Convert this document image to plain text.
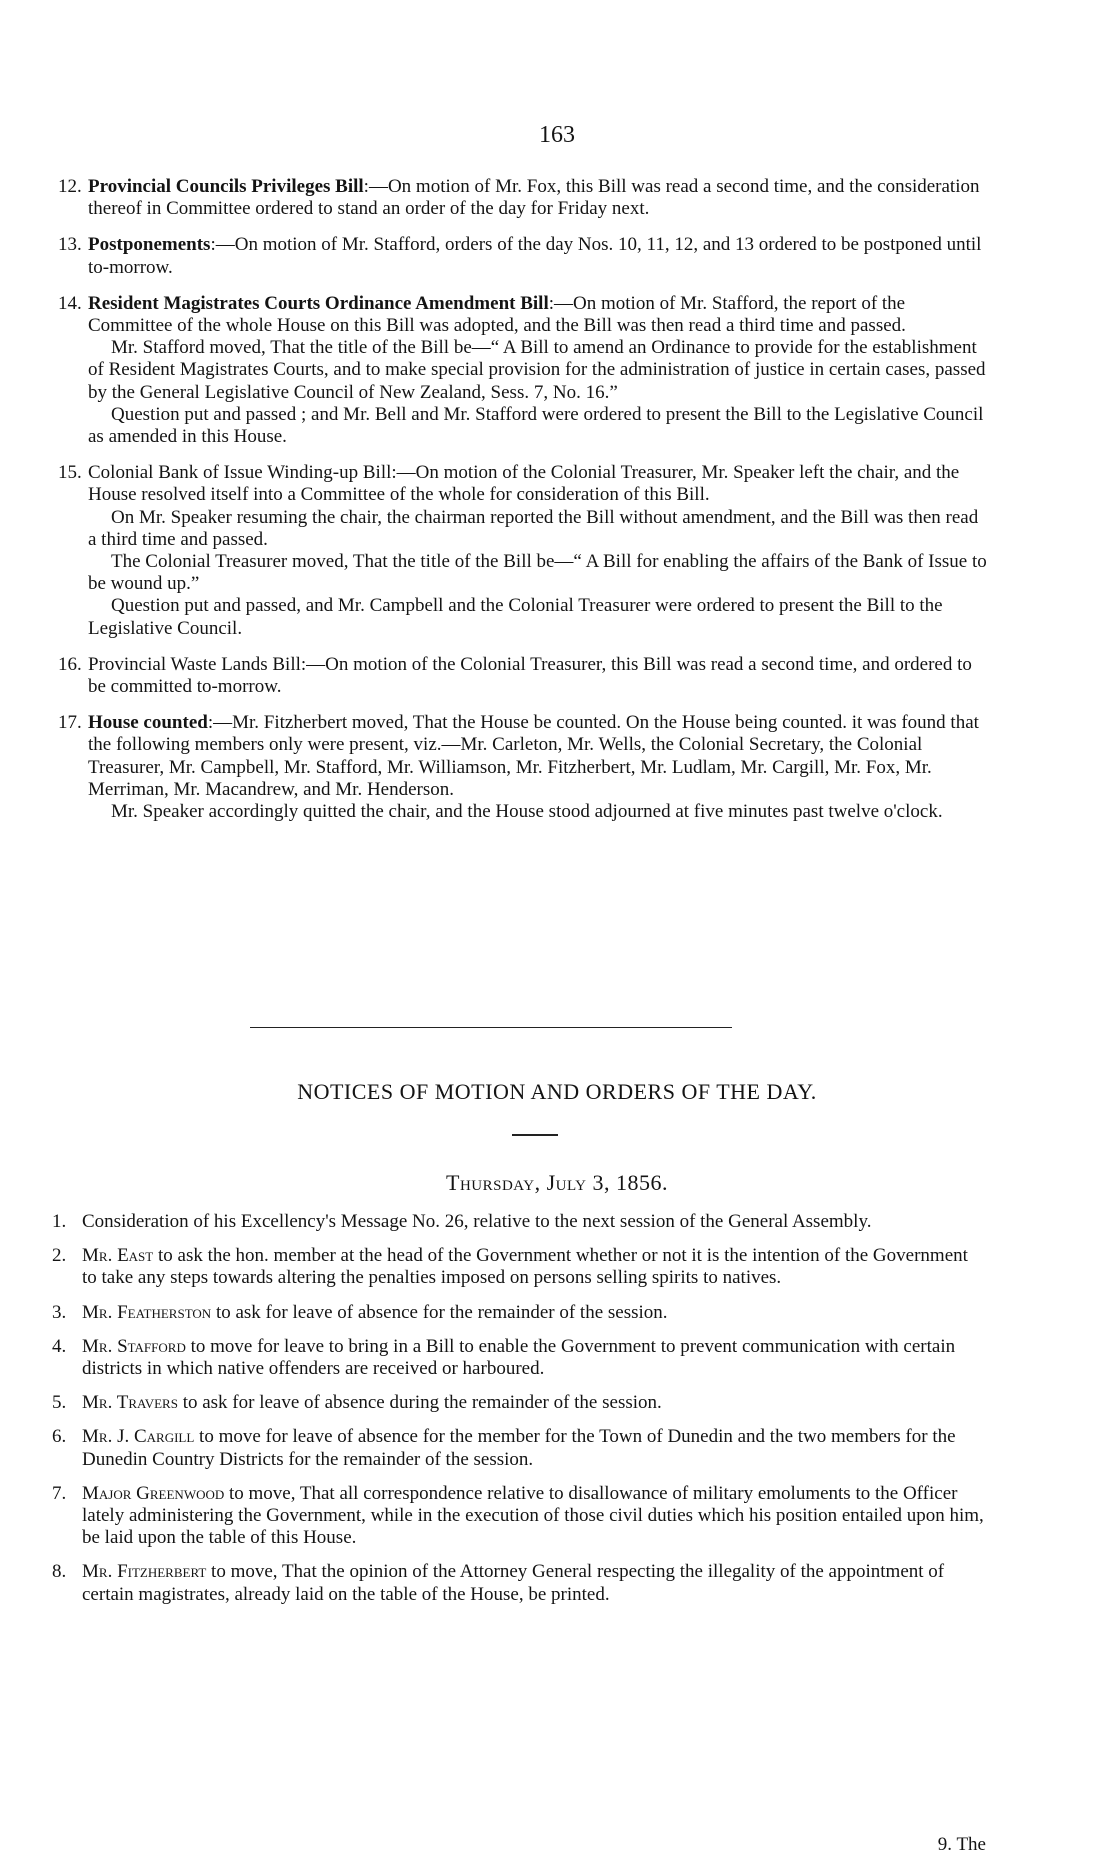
163
12. Provincial Councils Privileges Bill:—On motion of Mr. Fox, this Bill was read a second time, and the consideration thereof in Committee ordered to stand an order of the day for Friday next.

13. Postponements:—On motion of Mr. Stafford, orders of the day Nos. 10, 11, 12, and 13 ordered to be postponed until to-morrow.

14. Resident Magistrates Courts Ordinance Amendment Bill:—On motion of Mr. Stafford, the report of the Committee of the whole House on this Bill was adopted, and the Bill was then read a third time and passed.

Mr. Stafford moved, That the title of the Bill be—“ A Bill to amend an Ordinance to provide for the establishment of Resident Magistrates Courts, and to make special provision for the administration of justice in certain cases, passed by the General Legislative Council of New Zealand, Sess. 7, No. 16.”

Question put and passed ; and Mr. Bell and Mr. Stafford were ordered to present the Bill to the Legislative Council as amended in this House.

15. Colonial Bank of Issue Winding-up Bill:—On motion of the Colonial Treasurer, Mr. Speaker left the chair, and the House resolved itself into a Committee of the whole for consideration of this Bill.

On Mr. Speaker resuming the chair, the chairman reported the Bill without amendment, and the Bill was then read a third time and passed.

The Colonial Treasurer moved, That the title of the Bill be—“ A Bill for enabling the affairs of the Bank of Issue to be wound up.”

Question put and passed, and Mr. Campbell and the Colonial Treasurer were ordered to present the Bill to the Legislative Council.

16. Provincial Waste Lands Bill:—On motion of the Colonial Treasurer, this Bill was read a second time, and ordered to be committed to-morrow.

17. House counted:—Mr. Fitzherbert moved, That the House be counted. On the House being counted. it was found that the following members only were present, viz.—Mr. Carleton, Mr. Wells, the Colonial Secretary, the Colonial Treasurer, Mr. Campbell, Mr. Stafford, Mr. Williamson, Mr. Fitzherbert, Mr. Ludlam, Mr. Cargill, Mr. Fox, Mr. Merriman, Mr. Macandrew, and Mr. Henderson.

Mr. Speaker accordingly quitted the chair, and the House stood adjourned at five minutes past twelve o'clock.

NOTICES OF MOTION AND ORDERS OF THE DAY.
Thursday, July 3, 1856.
1. Consideration of his Excellency's Message No. 26, relative to the next session of the General Assembly.

2. Mr. East to ask the hon. member at the head of the Government whether or not it is the intention of the Government to take any steps towards altering the penalties imposed on persons selling spirits to natives.

3. Mr. Featherston to ask for leave of absence for the remainder of the session.

4. Mr. Stafford to move for leave to bring in a Bill to enable the Government to prevent communication with certain districts in which native offenders are received or harboured.

5. Mr. Travers to ask for leave of absence during the remainder of the session.

6. Mr. J. Cargill to move for leave of absence for the member for the Town of Dunedin and the two members for the Dunedin Country Districts for the remainder of the session.

7. Major Greenwood to move, That all correspondence relative to disallowance of military emoluments to the Officer lately administering the Government, while in the execution of those civil duties which his position entailed upon him, be laid upon the table of this House.

8. Mr. Fitzherbert to move, That the opinion of the Attorney General respecting the illegality of the appointment of certain magistrates, already laid on the table of the House, be printed.

9. The
